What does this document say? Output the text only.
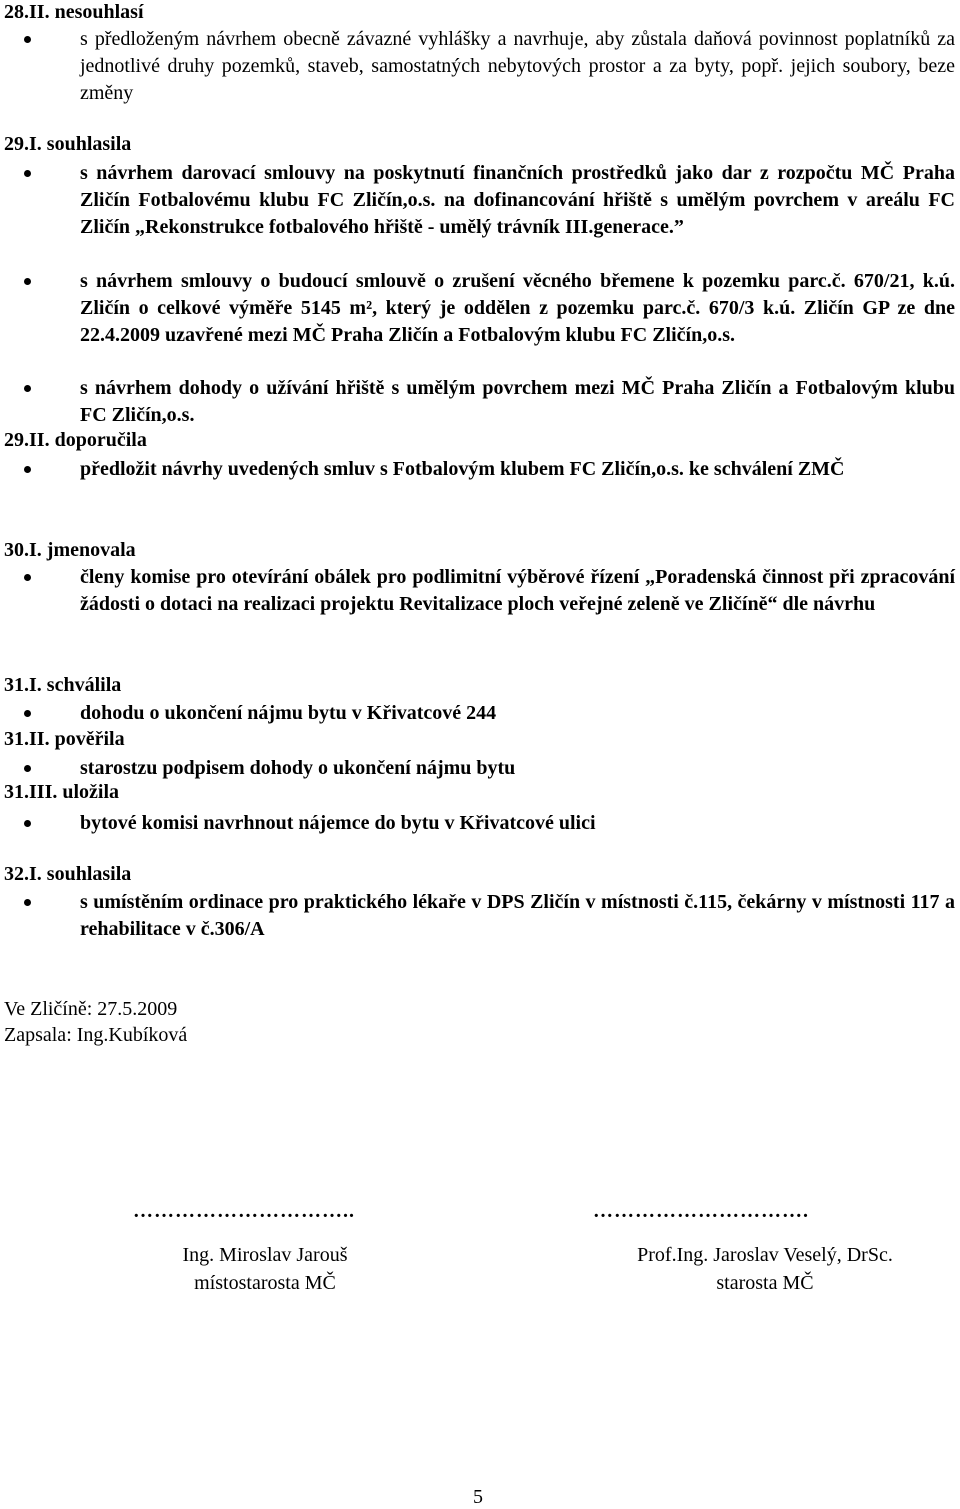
28.II. nesouhlasí
s předloženým návrhem obecně závazné vyhlášky a navrhuje, aby zůstala daňová povinnost poplatníků za jednotlivé druhy pozemků, staveb, samostatných nebytových prostor a za byty, popř. jejich soubory, beze změny
29.I. souhlasila
s návrhem darovací smlouvy na poskytnutí finančních prostředků jako dar z rozpočtu MČ Praha Zličín Fotbalovému klubu FC Zličín,o.s. na dofinancování hřiště s umělým povrchem v areálu FC Zličín „Rekonstrukce fotbalového hřiště - umělý trávník III.generace.”
s návrhem smlouvy o budoucí smlouvě o zrušení věcného břemene k pozemku parc.č. 670/21, k.ú. Zličín o celkové výměře 5145 m², který je oddělen z pozemku parc.č. 670/3 k.ú. Zličín GP ze dne 22.4.2009 uzavřené mezi MČ Praha Zličín a Fotbalovým klubu FC Zličín,o.s.
s návrhem dohody o užívání hřiště s umělým povrchem mezi MČ Praha Zličín a Fotbalovým klubu FC Zličín,o.s.
29.II. doporučila
předložit návrhy uvedených smluv s Fotbalovým klubem FC Zličín,o.s. ke schválení ZMČ
30.I. jmenovala
členy komise pro otevírání obálek pro podlimitní výběrové řízení „Poradenská činnost při zpracování žádosti o dotaci na realizaci projektu Revitalizace ploch veřejné zeleně ve Zličíně“ dle návrhu
31.I. schválila
dohodu o ukončení nájmu bytu v Křivatcové 244
31.II. pověřila
starostzu podpisem dohody o ukončení nájmu bytu
31.III. uložila
bytové komisi navrhnout nájemce do bytu v Křivatcové ulici
32.I. souhlasila
s umístěním ordinace pro praktického lékaře v DPS Zličín v místnosti č.115, čekárny v místnosti 117 a rehabilitace v č.306/A
Ve Zličíně: 27.5.2009
Zapsala: Ing.Kubíková
…………………………..	………………………….
Ing. Miroslav Jarouš
místostarosta MČ
Prof.Ing. Jaroslav Veselý, DrSc.
starosta MČ
5
